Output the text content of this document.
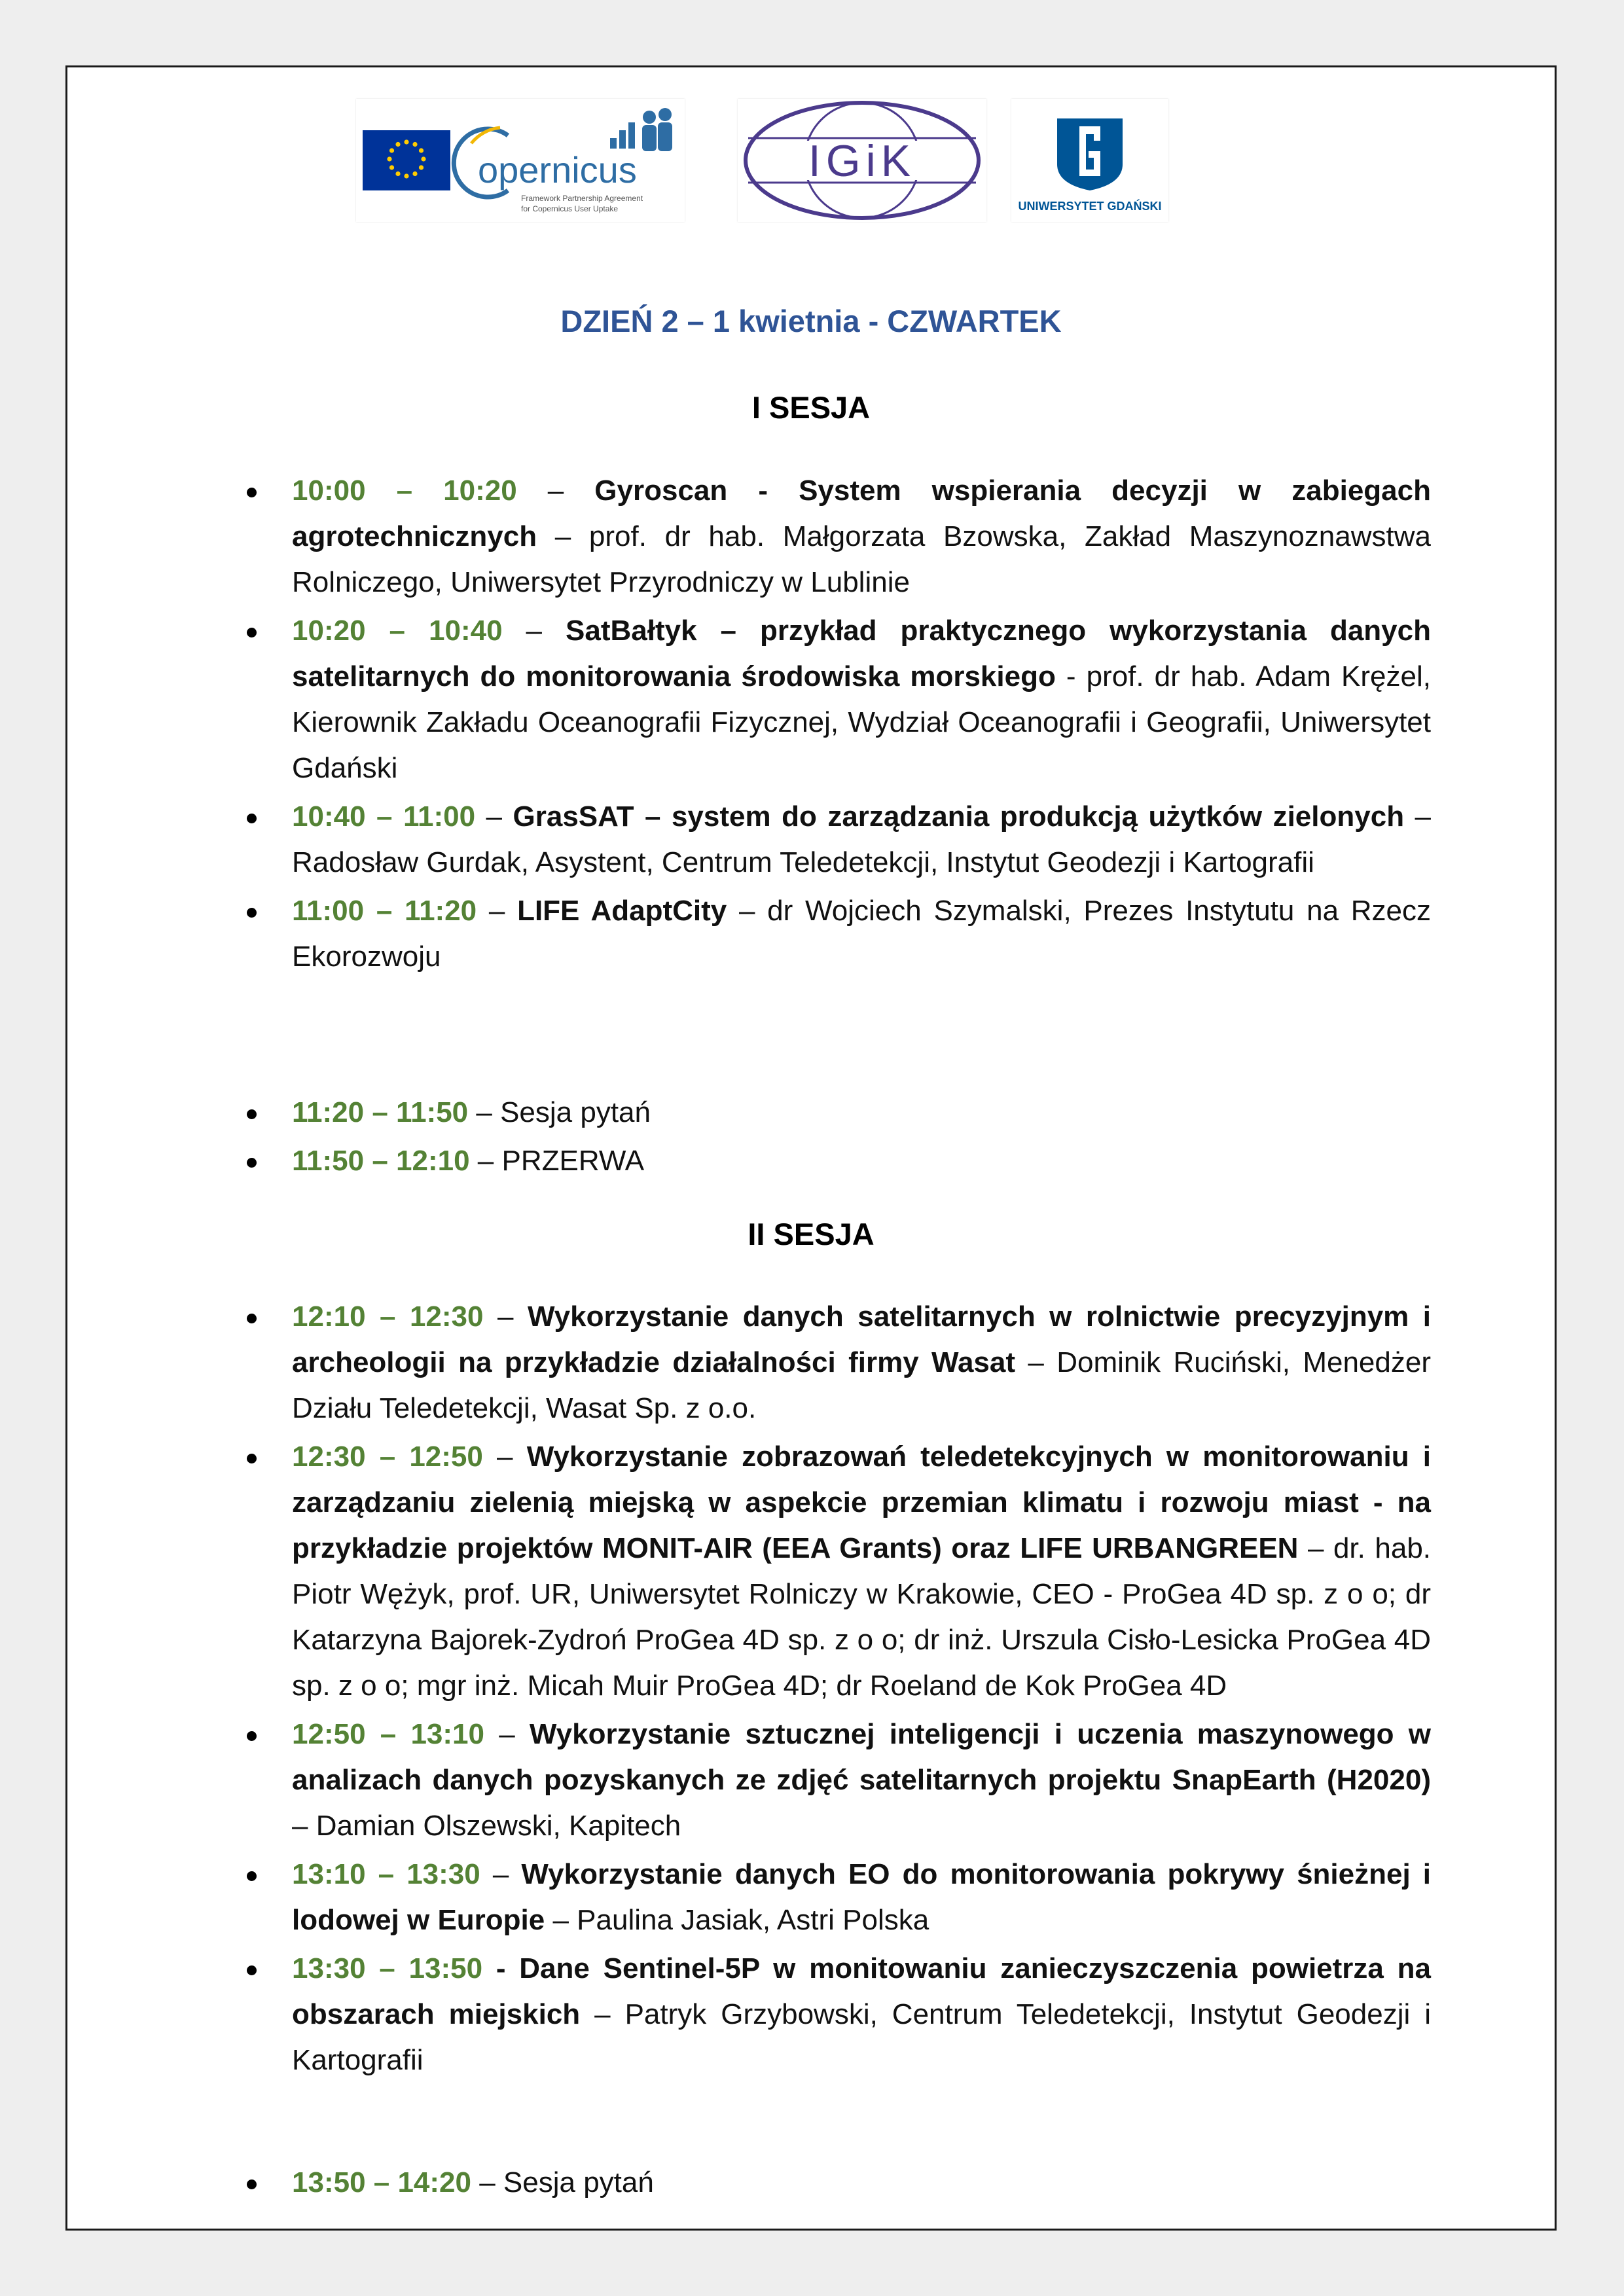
opernicus
Framework Partnership Agreement
for Copernicus User Uptake
IGiK
UNIWERSYTET GDAŃSKI
DZIEŃ 2 – 1 kwietnia - CZWARTEK
I SESJA
10:00 – 10:20 – Gyroscan - System wspierania decyzji w zabiegach agrotechnicznych – prof. dr hab. Małgorzata Bzowska, Zakład Maszynoznawstwa Rolniczego, Uniwersytet Przyrodniczy w Lublinie
10:20 – 10:40 – SatBałtyk – przykład praktycznego wykorzystania danych satelitarnych do monitorowania środowiska morskiego - prof. dr hab. Adam Krężel, Kierownik Zakładu Oceanografii Fizycznej, Wydział Oceanografii i Geografii, Uniwersytet Gdański
10:40 – 11:00 – GrasSAT – system do zarządzania produkcją użytków zielonych – Radosław Gurdak, Asystent, Centrum Teledetekcji, Instytut Geodezji i Kartografii
11:00 – 11:20 – LIFE AdaptCity – dr Wojciech Szymalski, Prezes Instytutu na Rzecz Ekorozwoju
11:20 – 11:50 – Sesja pytań
11:50 – 12:10 – PRZERWA
II SESJA
12:10 – 12:30 – Wykorzystanie danych satelitarnych w rolnictwie precyzyjnym i archeologii na przykładzie działalności firmy Wasat – Dominik Ruciński, Menedżer Działu Teledetekcji, Wasat Sp. z o.o.
12:30 – 12:50 – Wykorzystanie zobrazowań teledetekcyjnych w monitorowaniu i zarządzaniu zielenią miejską w aspekcie przemian klimatu i rozwoju miast - na przykładzie projektów MONIT-AIR (EEA Grants) oraz LIFE URBANGREEN – dr. hab. Piotr Wężyk, prof. UR, Uniwersytet Rolniczy w Krakowie, CEO - ProGea 4D sp. z o o; dr Katarzyna Bajorek-Zydroń ProGea 4D sp. z o o; dr inż. Urszula Cisło-Lesicka ProGea 4D sp. z o o; mgr inż. Micah Muir ProGea 4D; dr Roeland de Kok ProGea 4D
12:50 – 13:10 – Wykorzystanie sztucznej inteligencji i uczenia maszynowego w analizach danych pozyskanych ze zdjęć satelitarnych projektu SnapEarth (H2020) – Damian Olszewski, Kapitech
13:10 – 13:30 – Wykorzystanie danych EO do monitorowania pokrywy śnieżnej i lodowej w Europie – Paulina Jasiak, Astri Polska
13:30 – 13:50 - Dane Sentinel-5P w monitowaniu zanieczyszczenia powietrza na obszarach miejskich – Patryk Grzybowski, Centrum Teledetekcji, Instytut Geodezji i Kartografii
13:50 – 14:20 – Sesja pytań
